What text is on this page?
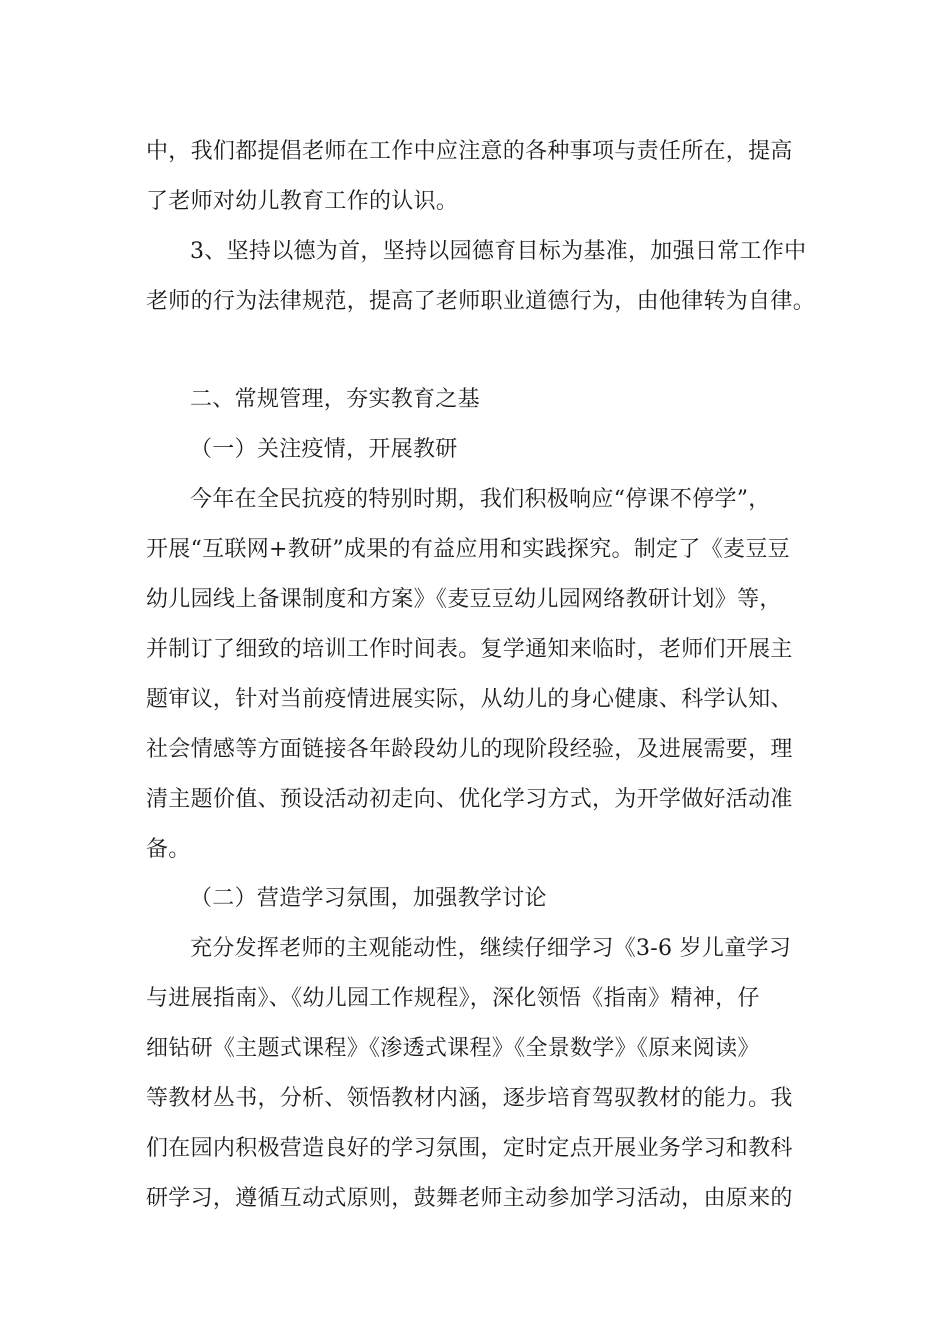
中，我们都提倡老师在工作中应注意的各种事项与责任所在，提高
了老师对幼儿教育工作的认识。
3、坚持以德为首，坚持以园德育目标为基准，加强日常工作中
老师的行为法律规范，提高了老师职业道德行为，由他律转为自律。
二、常规管理，夯实教育之基
（一）关注疫情，开展教研
今年在全民抗疫的特别时期，我们积极响应“停课不停学”，
开展“互联网+教研”成果的有益应用和实践探究。制定了《麦豆豆
幼儿园线上备课制度和方案》《麦豆豆幼儿园网络教研计划》等，
并制订了细致的培训工作时间表。复学通知来临时，老师们开展主
题审议，针对当前疫情进展实际，从幼儿的身心健康、科学认知、
社会情感等方面链接各年龄段幼儿的现阶段经验，及进展需要，理
清主题价值、预设活动初走向、优化学习方式，为开学做好活动准
备。
（二）营造学习氛围，加强教学讨论
充分发挥老师的主观能动性，继续仔细学习《3-6 岁儿童学习
与进展指南》、《幼儿园工作规程》，深化领悟《指南》精神，仔
细钻研《主题式课程》《渗透式课程》《全景数学》《原来阅读》
等教材丛书，分析、领悟教材内涵，逐步培育驾驭教材的能力。我
们在园内积极营造良好的学习氛围，定时定点开展业务学习和教科
研学习，遵循互动式原则，鼓舞老师主动参加学习活动，由原来的
